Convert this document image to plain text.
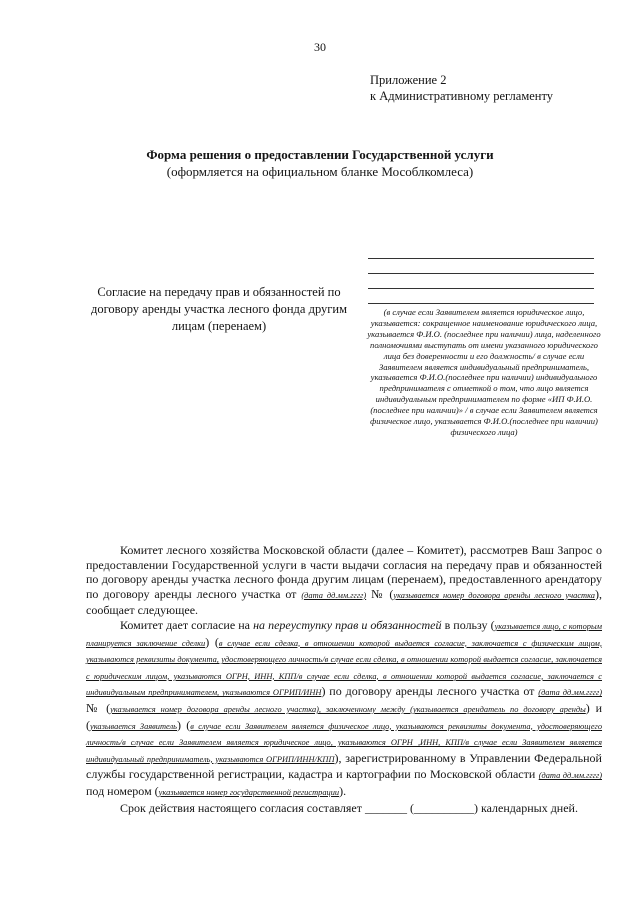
30
Приложение 2
к Административному регламенту
Форма решения о предоставлении Государственной услуги
(оформляется на официальном бланке Мособлкомлеса)
Согласие на передачу прав и обязанностей по договору аренды участка лесного фонда другим лицам (перенаем)
(в случае если Заявителем является юридическое лицо, указывается: сокращенное наименование юридического лица, указывается Ф.И.О. (последнее при наличии) лица, наделенного полномочиями выступать от имени указанного юридического лица без доверенности и его должность/ в случае если Заявителем является индивидуальный предприниматель, указывается Ф.И.О.(последнее при наличии) индивидуального предпринимателя с отметкой о том, что лицо является индивидуальным предпринимателем по форме «ИП Ф.И.О.(последнее при наличии)» / в случае если Заявителем является физическое лицо, указывается Ф.И.О.(последнее при наличии) физического лица)

Комитет лесного хозяйства Московской области (далее – Комитет), рассмотрев Ваш Запрос о предоставлении Государственной услуги в части выдачи согласия на передачу прав и обязанностей по договору аренды участка лесного фонда другим лицам (перенаем), предоставленного арендатору по договору аренды лесного участка от (дата дд.мм.гггг) № (указывается номер договора аренды лесного участка), сообщает следующее.

Комитет дает согласие на на переуступку прав и обязанностей в пользу (указывается лицо, с которым планируется заключение сделки) (в случае если сделка, в отношении которой выдается согласие, заключается с физическим лицом, указываются реквизиты документа, удостоверяющего личность/в случае если сделка, в отношении которой выдается согласие, заключается с юридическим лицом, указываются ОГРН, ИНН, КПП/в случае если сделка, в отношении которой выдается согласие, заключается с индивидуальным предпринимателем, указываются ОГРИП/ИНН) по договору аренды лесного участка от (дата дд.мм.гггг) № (указывается номер договора аренды лесного участка), заключенному между (указывается арендатель по договору аренды) и (указывается Заявитель) (в случае если Заявителем является физическое лицо, указываются реквизиты документа, удостоверяющего личность/в случае если Заявителем является юридическое лицо, указываются ОГРН ,ИНН, КПП/в случае если Заявителем является индивидуальный предприниматель, указываются ОГРИП/ИНН/КПП), зарегистрированному в Управлении Федеральной службы государственной регистрации, кадастра и картографии по Московской области (дата дд.мм.гггг) под номером (указывается номер государственной регистрации).

Срок действия настоящего согласия составляет _______ (__________) календарных дней.
